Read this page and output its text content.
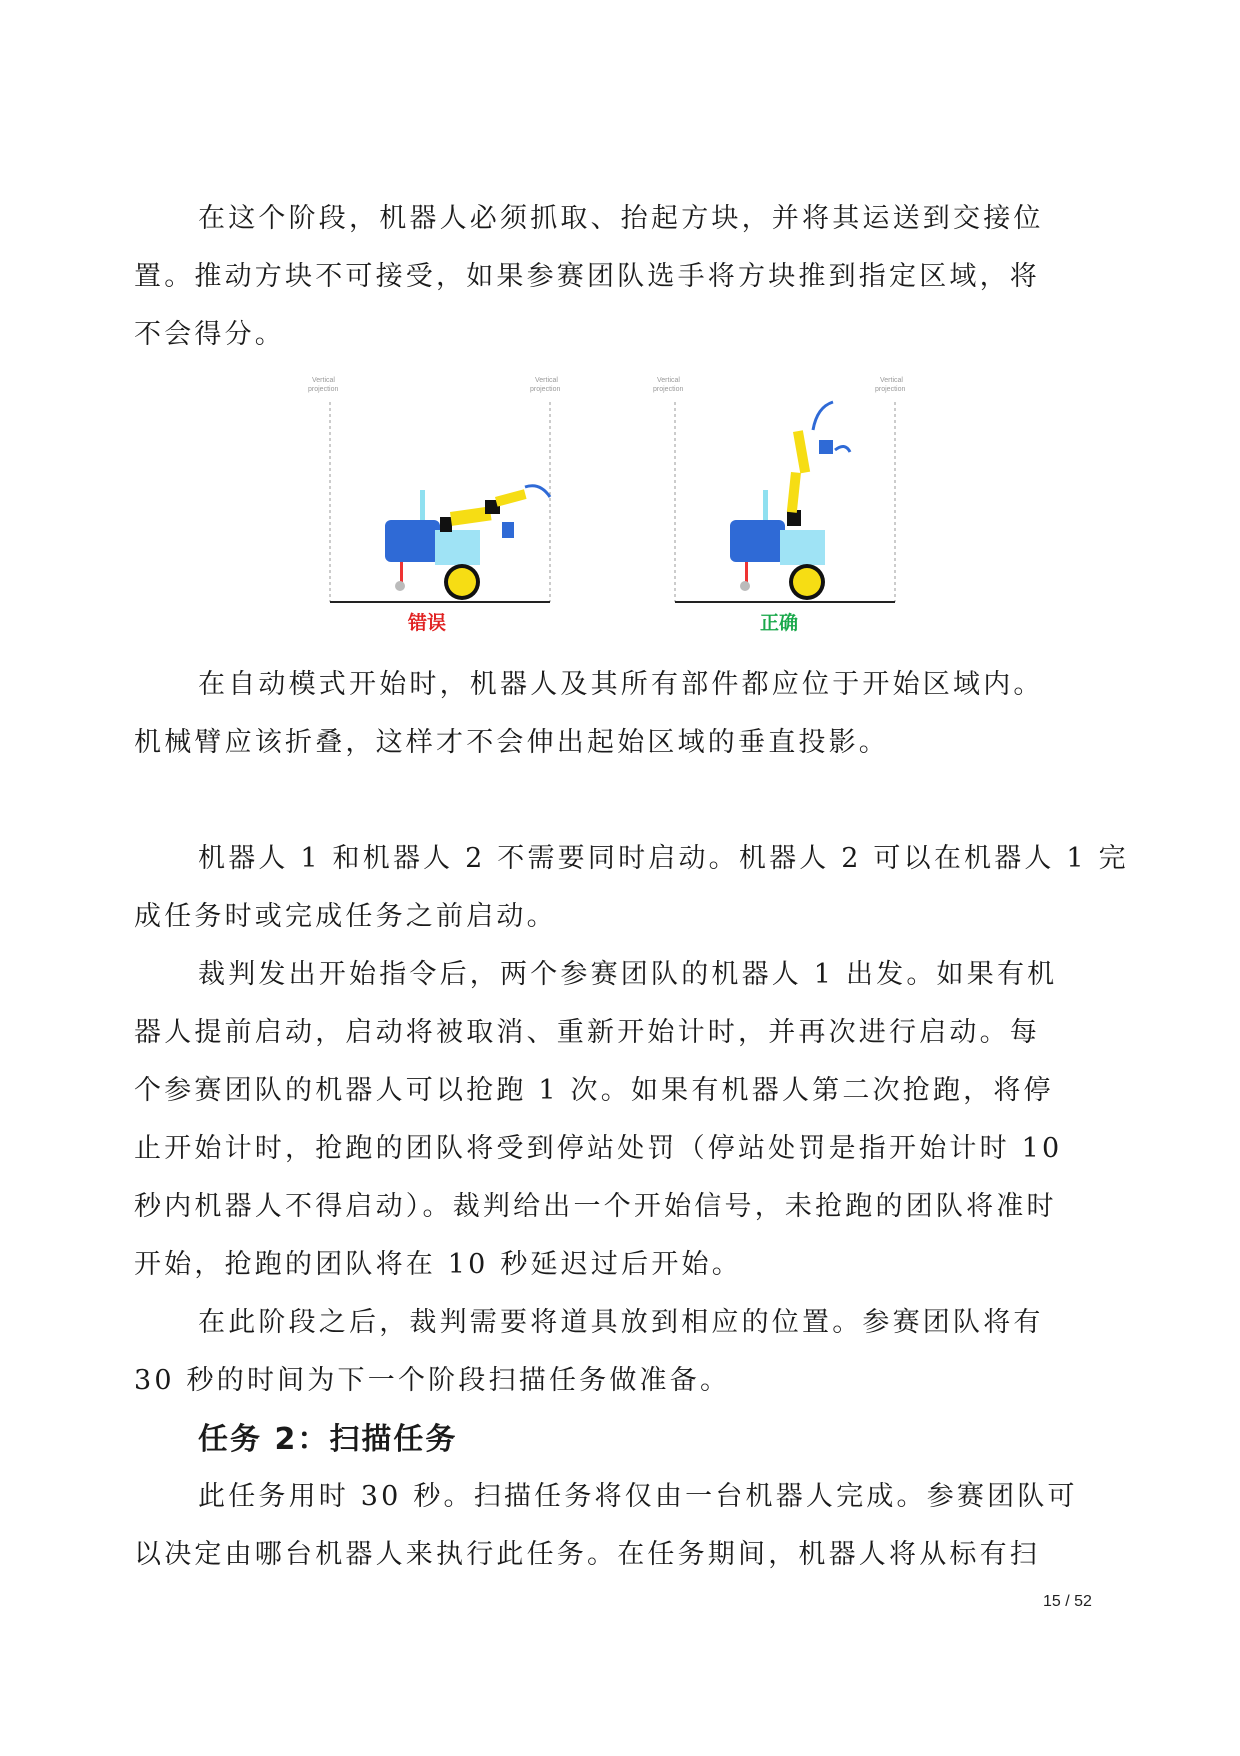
在这个阶段，机器人必须抓取、抬起方块，并将其运送到交接位
置。推动方块不可接受，如果参赛团队选手将方块推到指定区域，将
不会得分。
Vertical
projection
Vertical
projection
错误
Vertical
projection
Vertical
projection
正确
在自动模式开始时，机器人及其所有部件都应位于开始区域内。
机械臂应该折叠，这样才不会伸出起始区域的垂直投影。
机器人 1 和机器人 2 不需要同时启动。机器人 2 可以在机器人 1 完
成任务时或完成任务之前启动。
裁判发出开始指令后，两个参赛团队的机器人 1 出发。如果有机
器人提前启动，启动将被取消、重新开始计时，并再次进行启动。每
个参赛团队的机器人可以抢跑 1 次。如果有机器人第二次抢跑，将停
止开始计时，抢跑的团队将受到停站处罚（停站处罚是指开始计时 10
秒内机器人不得启动）。裁判给出一个开始信号，未抢跑的团队将准时
开始，抢跑的团队将在 10 秒延迟过后开始。
在此阶段之后，裁判需要将道具放到相应的位置。参赛团队将有
30 秒的时间为下一个阶段扫描任务做准备。
任务 2：扫描任务
此任务用时 30 秒。扫描任务将仅由一台机器人完成。参赛团队可
以决定由哪台机器人来执行此任务。在任务期间，机器人将从标有扫
15 / 52
